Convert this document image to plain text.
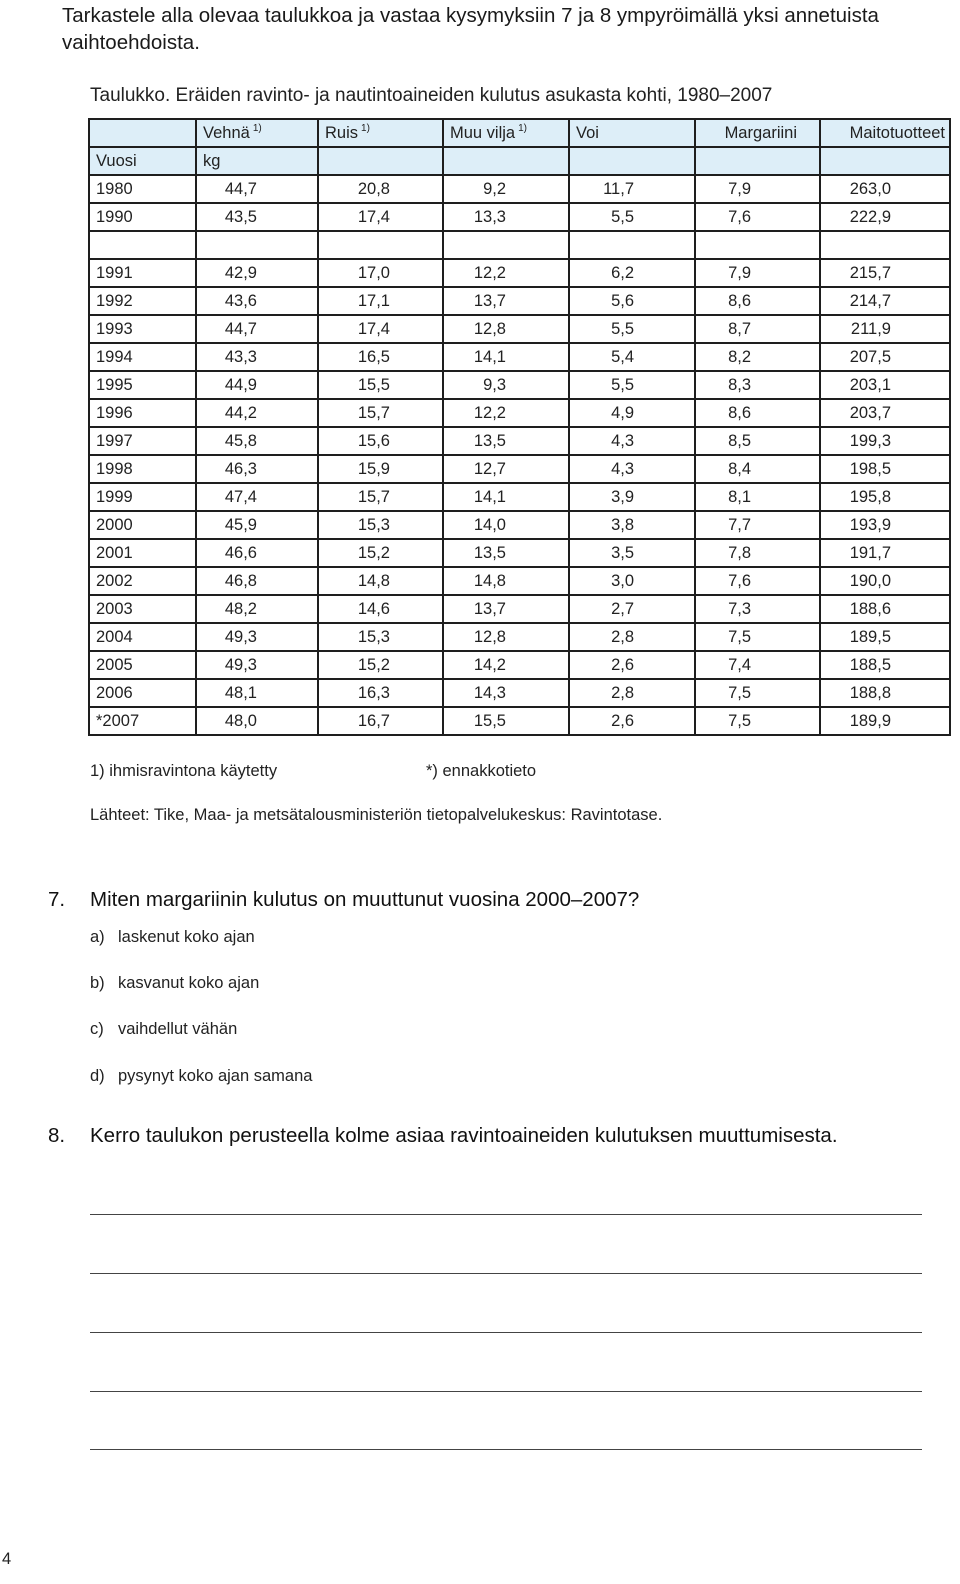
Tarkastele alla olevaa taulukkoa ja vastaa kysymyksiin 7 ja 8 ympyröimällä yksi annetuista vaihtoehdoista.

Taulukko. Eräiden ravinto- ja nautintoaineiden kulutus asukasta kohti, 1980–2007
	Vehnä $^{1)}$	Ruis $^{1)}$	Muu vilja $^{1)}$	Voi	Margariini	Maitotuotteet
Vuosi	kg					
1980	44,7	20,8	9,2	11,7	7,9	263,0
1990	43,5	17,4	13,3	5,5	7,6	222,9

1991	42,9	17,0	12,2	6,2	7,9	215,7
1992	43,6	17,1	13,7	5,6	8,6	214,7
1993	44,7	17,4	12,8	5,5	8,7	211,9
1994	43,3	16,5	14,1	5,4	8,2	207,5
1995	44,9	15,5	9,3	5,5	8,3	203,1
1996	44,2	15,7	12,2	4,9	8,6	203,7
1997	45,8	15,6	13,5	4,3	8,5	199,3
1998	46,3	15,9	12,7	4,3	8,4	198,5
1999	47,4	15,7	14,1	3,9	8,1	195,8
2000	45,9	15,3	14,0	3,8	7,7	193,9
2001	46,6	15,2	13,5	3,5	7,8	191,7
2002	46,8	14,8	14,8	3,0	7,6	190,0
2003	48,2	14,6	13,7	2,7	7,3	188,6
2004	49,3	15,3	12,8	2,8	7,5	189,5
2005	49,3	15,2	14,2	2,6	7,4	188,5
2006	48,1	16,3	14,3	2,8	7,5	188,8
*2007	48,0	16,7	15,5	2,6	7,5	189,9
1) ihmisravintona käytetty	*) ennakkotieto
Lähteet: Tike, Maa- ja metsätalousministeriön tietopalvelukeskus: Ravintotase.
7. Miten margariinin kulutus on muuttunut vuosina 2000–2007?
a) laskenut koko ajan
b) kasvanut koko ajan
c) vaihdellut vähän
d) pysynyt koko ajan samana
8. Kerro taulukon perusteella kolme asiaa ravintoaineiden kulutuksen muuttumisesta.
4
